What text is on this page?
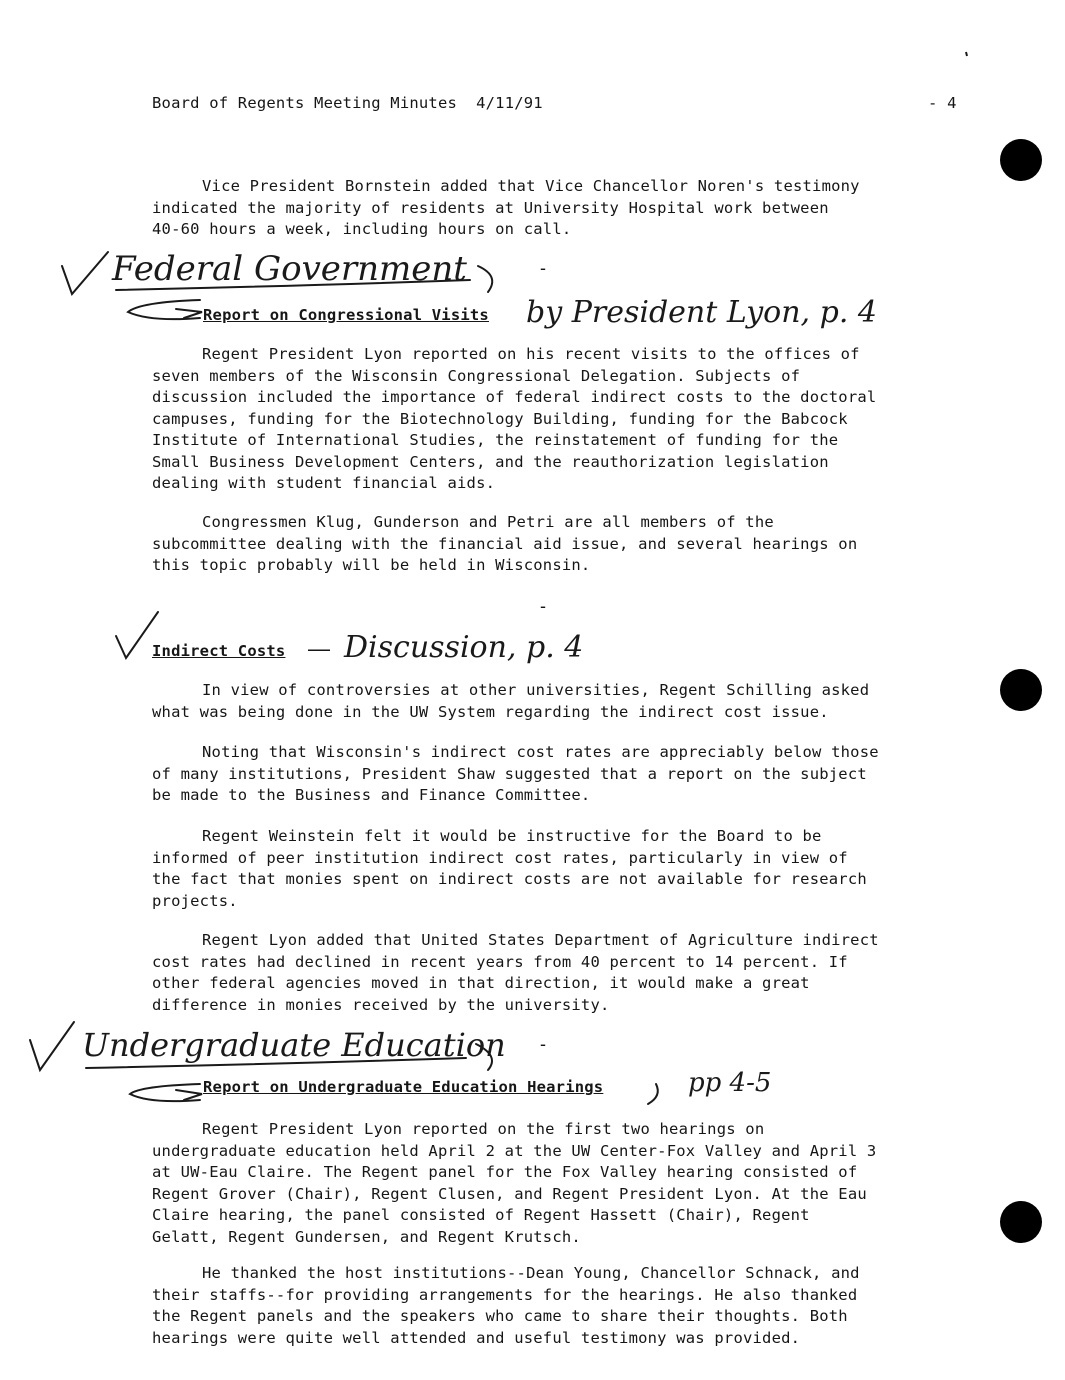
Board of Regents Meeting Minutes 4/11/91	- 4

Vice President Bornstein added that Vice Chancellor Noren's testimony
indicated the majority of residents at University Hospital work between
40-60 hours a week, including hours on call.

Federal Government	-
Report on Congressional Visits by President Lyon, p. 4

Regent President Lyon reported on his recent visits to the offices of
seven members of the Wisconsin Congressional Delegation. Subjects of
discussion included the importance of federal indirect costs to the doctoral
campuses, funding for the Biotechnology Building, funding for the Babcock
Institute of International Studies, the reinstatement of funding for the
Small Business Development Centers, and the reauthorization legislation
dealing with student financial aids.

Congressmen Klug, Gunderson and Petri are all members of the
subcommittee dealing with the financial aid issue, and several hearings on
this topic probably will be held in Wisconsin.

-
Indirect Costs — Discussion, p. 4

In view of controversies at other universities, Regent Schilling asked
what was being done in the UW System regarding the indirect cost issue.

Noting that Wisconsin's indirect cost rates are appreciably below those
of many institutions, President Shaw suggested that a report on the subject
be made to the Business and Finance Committee.

Regent Weinstein felt it would be instructive for the Board to be
informed of peer institution indirect cost rates, particularly in view of
the fact that monies spent on indirect costs are not available for research
projects.

Regent Lyon added that United States Department of Agriculture indirect
cost rates had declined in recent years from 40 percent to 14 percent. If
other federal agencies moved in that direction, it would make a great
difference in monies received by the university.

Undergraduate Education -
Report on Undergraduate Education Hearings	pp 4-5

Regent President Lyon reported on the first two hearings on
undergraduate education held April 2 at the UW Center-Fox Valley and April 3
at UW-Eau Claire. The Regent panel for the Fox Valley hearing consisted of
Regent Grover (Chair), Regent Clusen, and Regent President Lyon. At the Eau
Claire hearing, the panel consisted of Regent Hassett (Chair), Regent
Gelatt, Regent Gundersen, and Regent Krutsch.

He thanked the host institutions--Dean Young, Chancellor Schnack, and
their staffs--for providing arrangements for the hearings. He also thanked
the Regent panels and the speakers who came to share their thoughts. Both
hearings were quite well attended and useful testimony was provided.
